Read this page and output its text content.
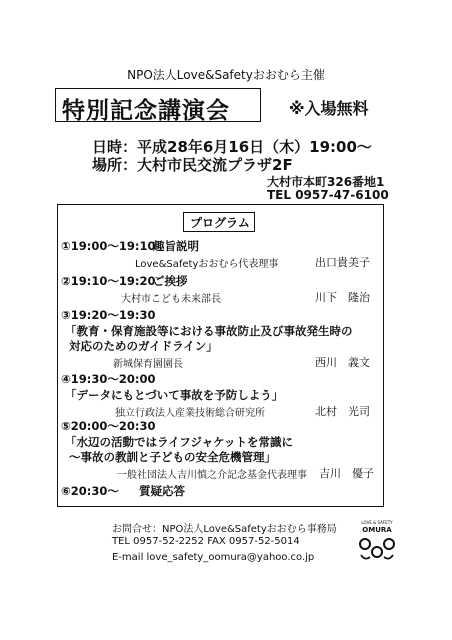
NPO法人Love&Safetyおおむら主催
特別記念講演会	※入場無料
日時：平成28年6月16日（木）19:00～
場所：大村市民交流プラザ2F
大村市本町326番地1
TEL 0957-47-6100
プログラム
①19:00～19:10
趣旨説明
Love&Safetyおおむら代表理事	出口貴美子
②19:10～19:20
ご挨拶
大村市こども未来部長	川下　隆治
③19:20～19:30
「教育・保育施設等における事故防止及び事故発生時の
対応のためのガイドライン」
新城保育園園長	西川　義文
④19:30～20:00
「データにもとづいて事故を予防しよう」
独立行政法人産業技術総合研究所	北村　光司
⑤20:00～20:30
「水辺の活動ではライフジャケットを常識に
～事故の教訓と子どもの安全危機管理」
一般社団法人吉川慎之介記念基金代表理事 吉川　優子
⑥20:30～ 質疑応答
お問合せ：NPO法人Love&Safetyおおむら事務局
TEL 0957-52-2252 FAX 0957-52-5014
E-mail love_safety_oomura@yahoo.co.jp
LOVE & SAFETY
OMURA
